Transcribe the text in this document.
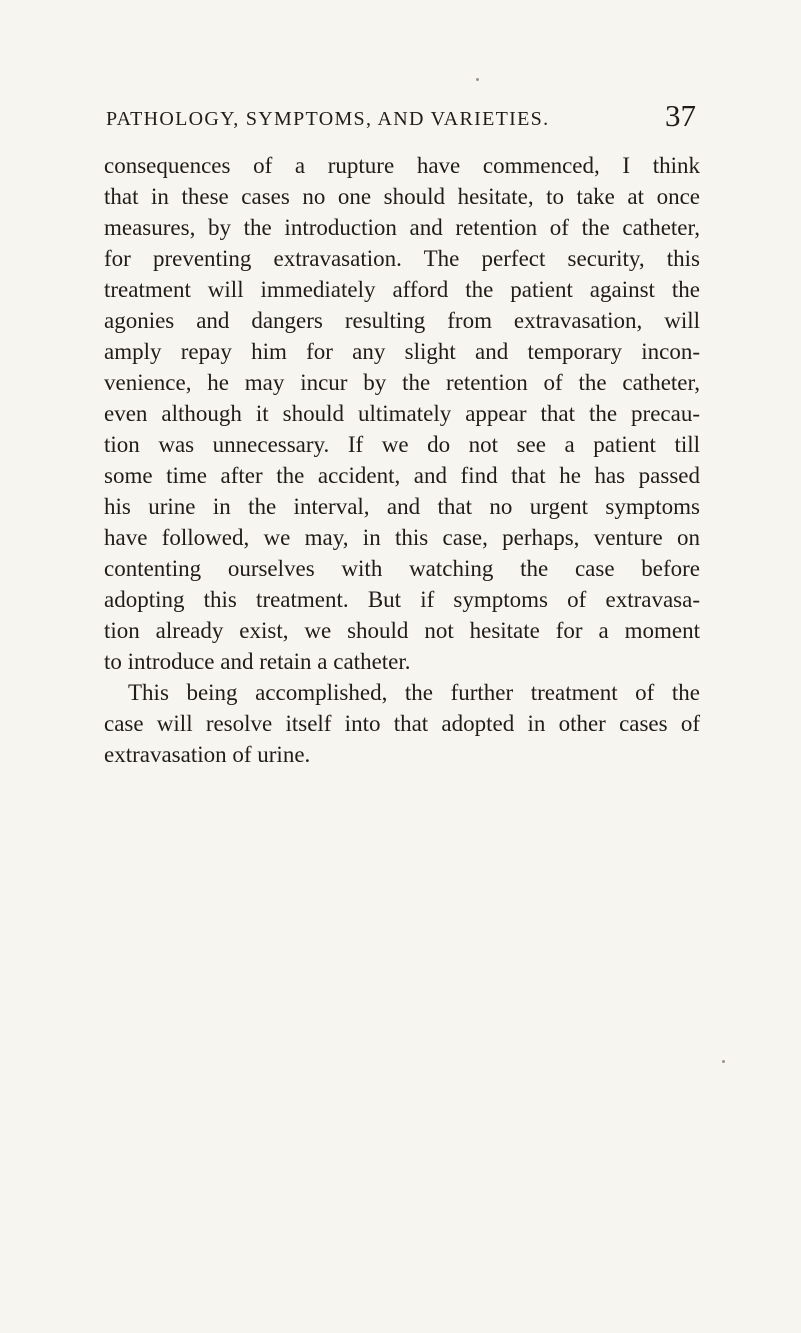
PATHOLOGY, SYMPTOMS, AND VARIETIES.	37
consequences of a rupture have commenced, I think
that in these cases no one should hesitate, to take at once
measures, by the introduction and retention of the catheter,
for preventing extravasation. The perfect security, this
treatment will immediately afford the patient against the
agonies and dangers resulting from extravasation, will
amply repay him for any slight and temporary incon-
venience, he may incur by the retention of the catheter,
even although it should ultimately appear that the precau-
tion was unnecessary. If we do not see a patient till
some time after the accident, and find that he has passed
his urine in the interval, and that no urgent symptoms
have followed, we may, in this case, perhaps, venture on
contenting ourselves with watching the case before
adopting this treatment. But if symptoms of extravasa-
tion already exist, we should not hesitate for a moment
to introduce and retain a catheter.
This being accomplished, the further treatment of the
case will resolve itself into that adopted in other cases of
extravasation of urine.
